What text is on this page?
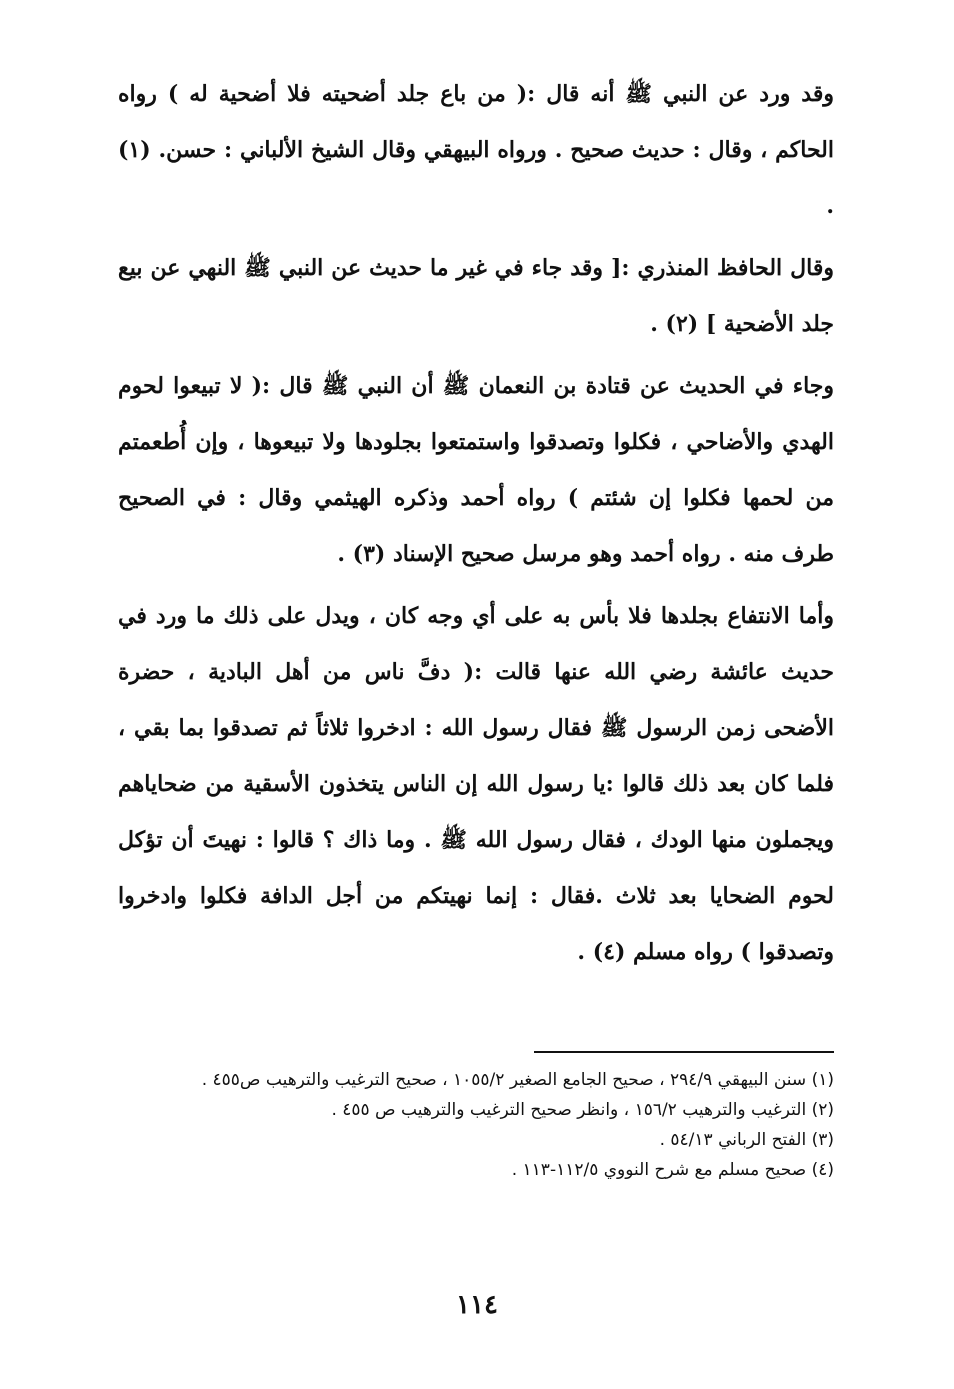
وقد ورد عن النبي ﷺ أنه قال :( من باع جلد أضحيته فلا أضحية له ) رواه الحاكم ، وقال : حديث صحيح . ورواه البيهقي وقال الشيخ الألباني : حسن. (١) .

وقال الحافظ المنذري :[ وقد جاء في غير ما حديث عن النبي ﷺ النهي عن بيع جلد الأضحية ] (٢) .

وجاء في الحديث عن قتادة بن النعمان ﷺ أن النبي ﷺ قال :( لا تبيعوا لحوم الهدي والأضاحي ، فكلوا وتصدقوا واستمتعوا بجلودها ولا تبيعوها ، وإن أُطعمتم من لحمها فكلوا إن شئتم ) رواه أحمد وذكره الهيثمي وقال : في الصحيح طرف منه . رواه أحمد وهو مرسل صحيح الإسناد (٣) .

وأما الانتفاع بجلدها فلا بأس به على أي وجه كان ، ويدل على ذلك ما ورد في حديث عائشة رضي الله عنها قالت :( دفَّ ناس من أهل البادية ، حضرة الأضحى زمن الرسول ﷺ فقال رسول الله : ادخروا ثلاثاً ثم تصدقوا بما بقي ، فلما كان بعد ذلك قالوا :يا رسول الله إن الناس يتخذون الأسقية من ضحاياهم ويجملون منها الودك ، فقال رسول الله ﷺ . وما ذاك ؟ قالوا : نهيتَ أن تؤكل لحوم الضحايا بعد ثلاث .فقال : إنما نهيتكم من أجل الدافة فكلوا وادخروا وتصدقوا ) رواه مسلم (٤) .

(١) سنن البيهقي ٢٩٤/٩ ، صحيح الجامع الصغير ١٠٥٥/٢ ، صحيح الترغيب والترهيب ص٤٥٥ .

(٢) الترغيب والترهيب ١٥٦/٢ ، وانظر صحيح الترغيب والترهيب ص ٤٥٥ .

(٣) الفتح الرباني ٥٤/١٣ .

(٤) صحيح مسلم مع شرح النووي ١١٢/٥-١١٣ .

١١٤
